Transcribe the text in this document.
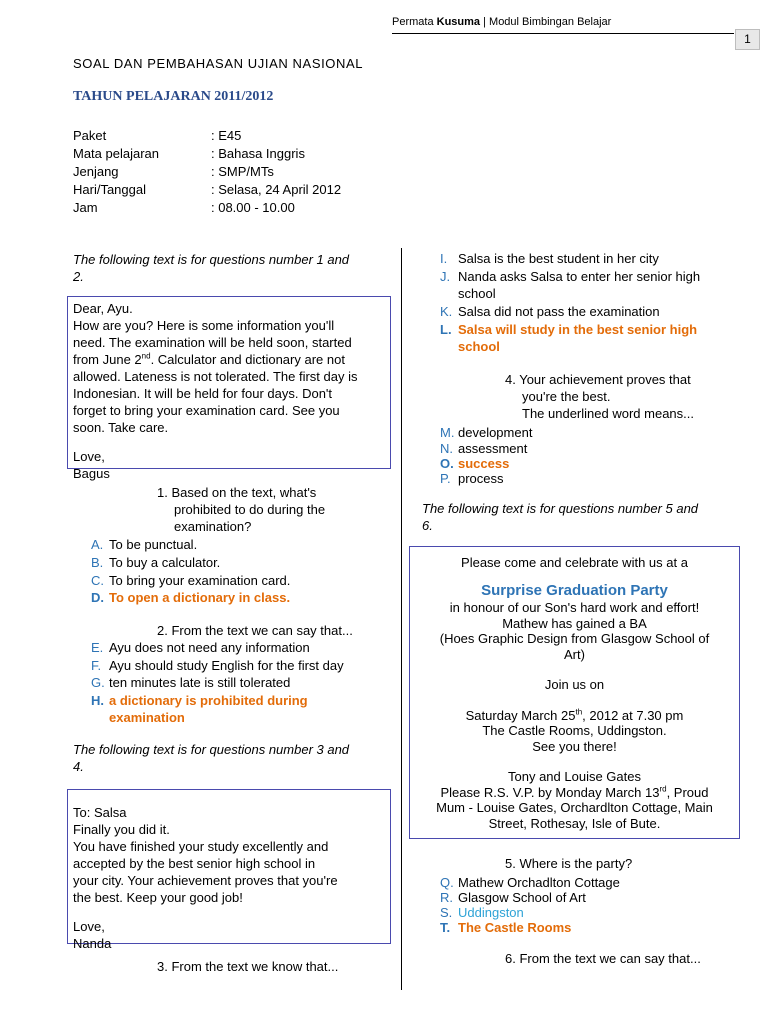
Permata Kusuma | Modul Bimbingan Belajar
1
SOAL DAN PEMBAHASAN UJIAN NASIONAL
TAHUN PELAJARAN 2011/2012
Paket	: E45
Mata pelajaran	: Bahasa Inggris
Jenjang	: SMP/MTs
Hari/Tanggal	: Selasa, 24 April 2012
Jam	: 08.00 - 10.00
The following text is for questions number 1 and
2.

Dear, Ayu.

How are you? Here is some information you'll

need. The examination will be held soon, started

from June 2nd. Calculator and dictionary are not

allowed. Lateness is not tolerated. The first day is

Indonesian. It will be held for four days. Don't

forget to bring your examination card. See you

soon. Take care.

Love,

Bagus

1. Based on the text, what's
prohibited to do during the
examination?
A. To be punctual.
B. To buy a calculator.
C. To bring your examination card.
D. To open a dictionary in class.
2. From the text we can say that...
E. Ayu does not need any information
F. Ayu should study English for the first day
G. ten minutes late is still tolerated
H. a dictionary is prohibited during
examination
The following text is for questions number 3 and
4.

To: Salsa

Finally you did it.

You have finished your study excellently and

accepted by the best senior high school in

your city. Your achievement proves that you're

the best. Keep your good job!

Love,

Nanda

3. From the text we know that...
I. Salsa is the best student in her city
J. Nanda asks Salsa to enter her senior high
school
K. Salsa did not pass the examination
L. Salsa will study in the best senior high
school
4. Your achievement proves that
you're the best.
The underlined word means...
M. development
N. assessment
O. success
P. process
The following text is for questions number 5 and
6.
Please come and celebrate with us at a
Surprise Graduation Party
in honour of our Son's hard work and effort!
Mathew has gained a BA
(Hoes Graphic Design from Glasgow School of
Art)
Join us on
Saturday March 25th, 2012 at 7.30 pm
The Castle Rooms, Uddingston.
See you there!
Tony and Louise Gates
Please R.S. V.P. by Monday March 13rd, Proud
Mum - Louise Gates, Orchardlton Cottage, Main
Street, Rothesay, Isle of Bute.
5. Where is the party?
Q. Mathew Orchadlton Cottage
R. Glasgow School of Art
S. Uddingston
T. The Castle Rooms
6. From the text we can say that...
